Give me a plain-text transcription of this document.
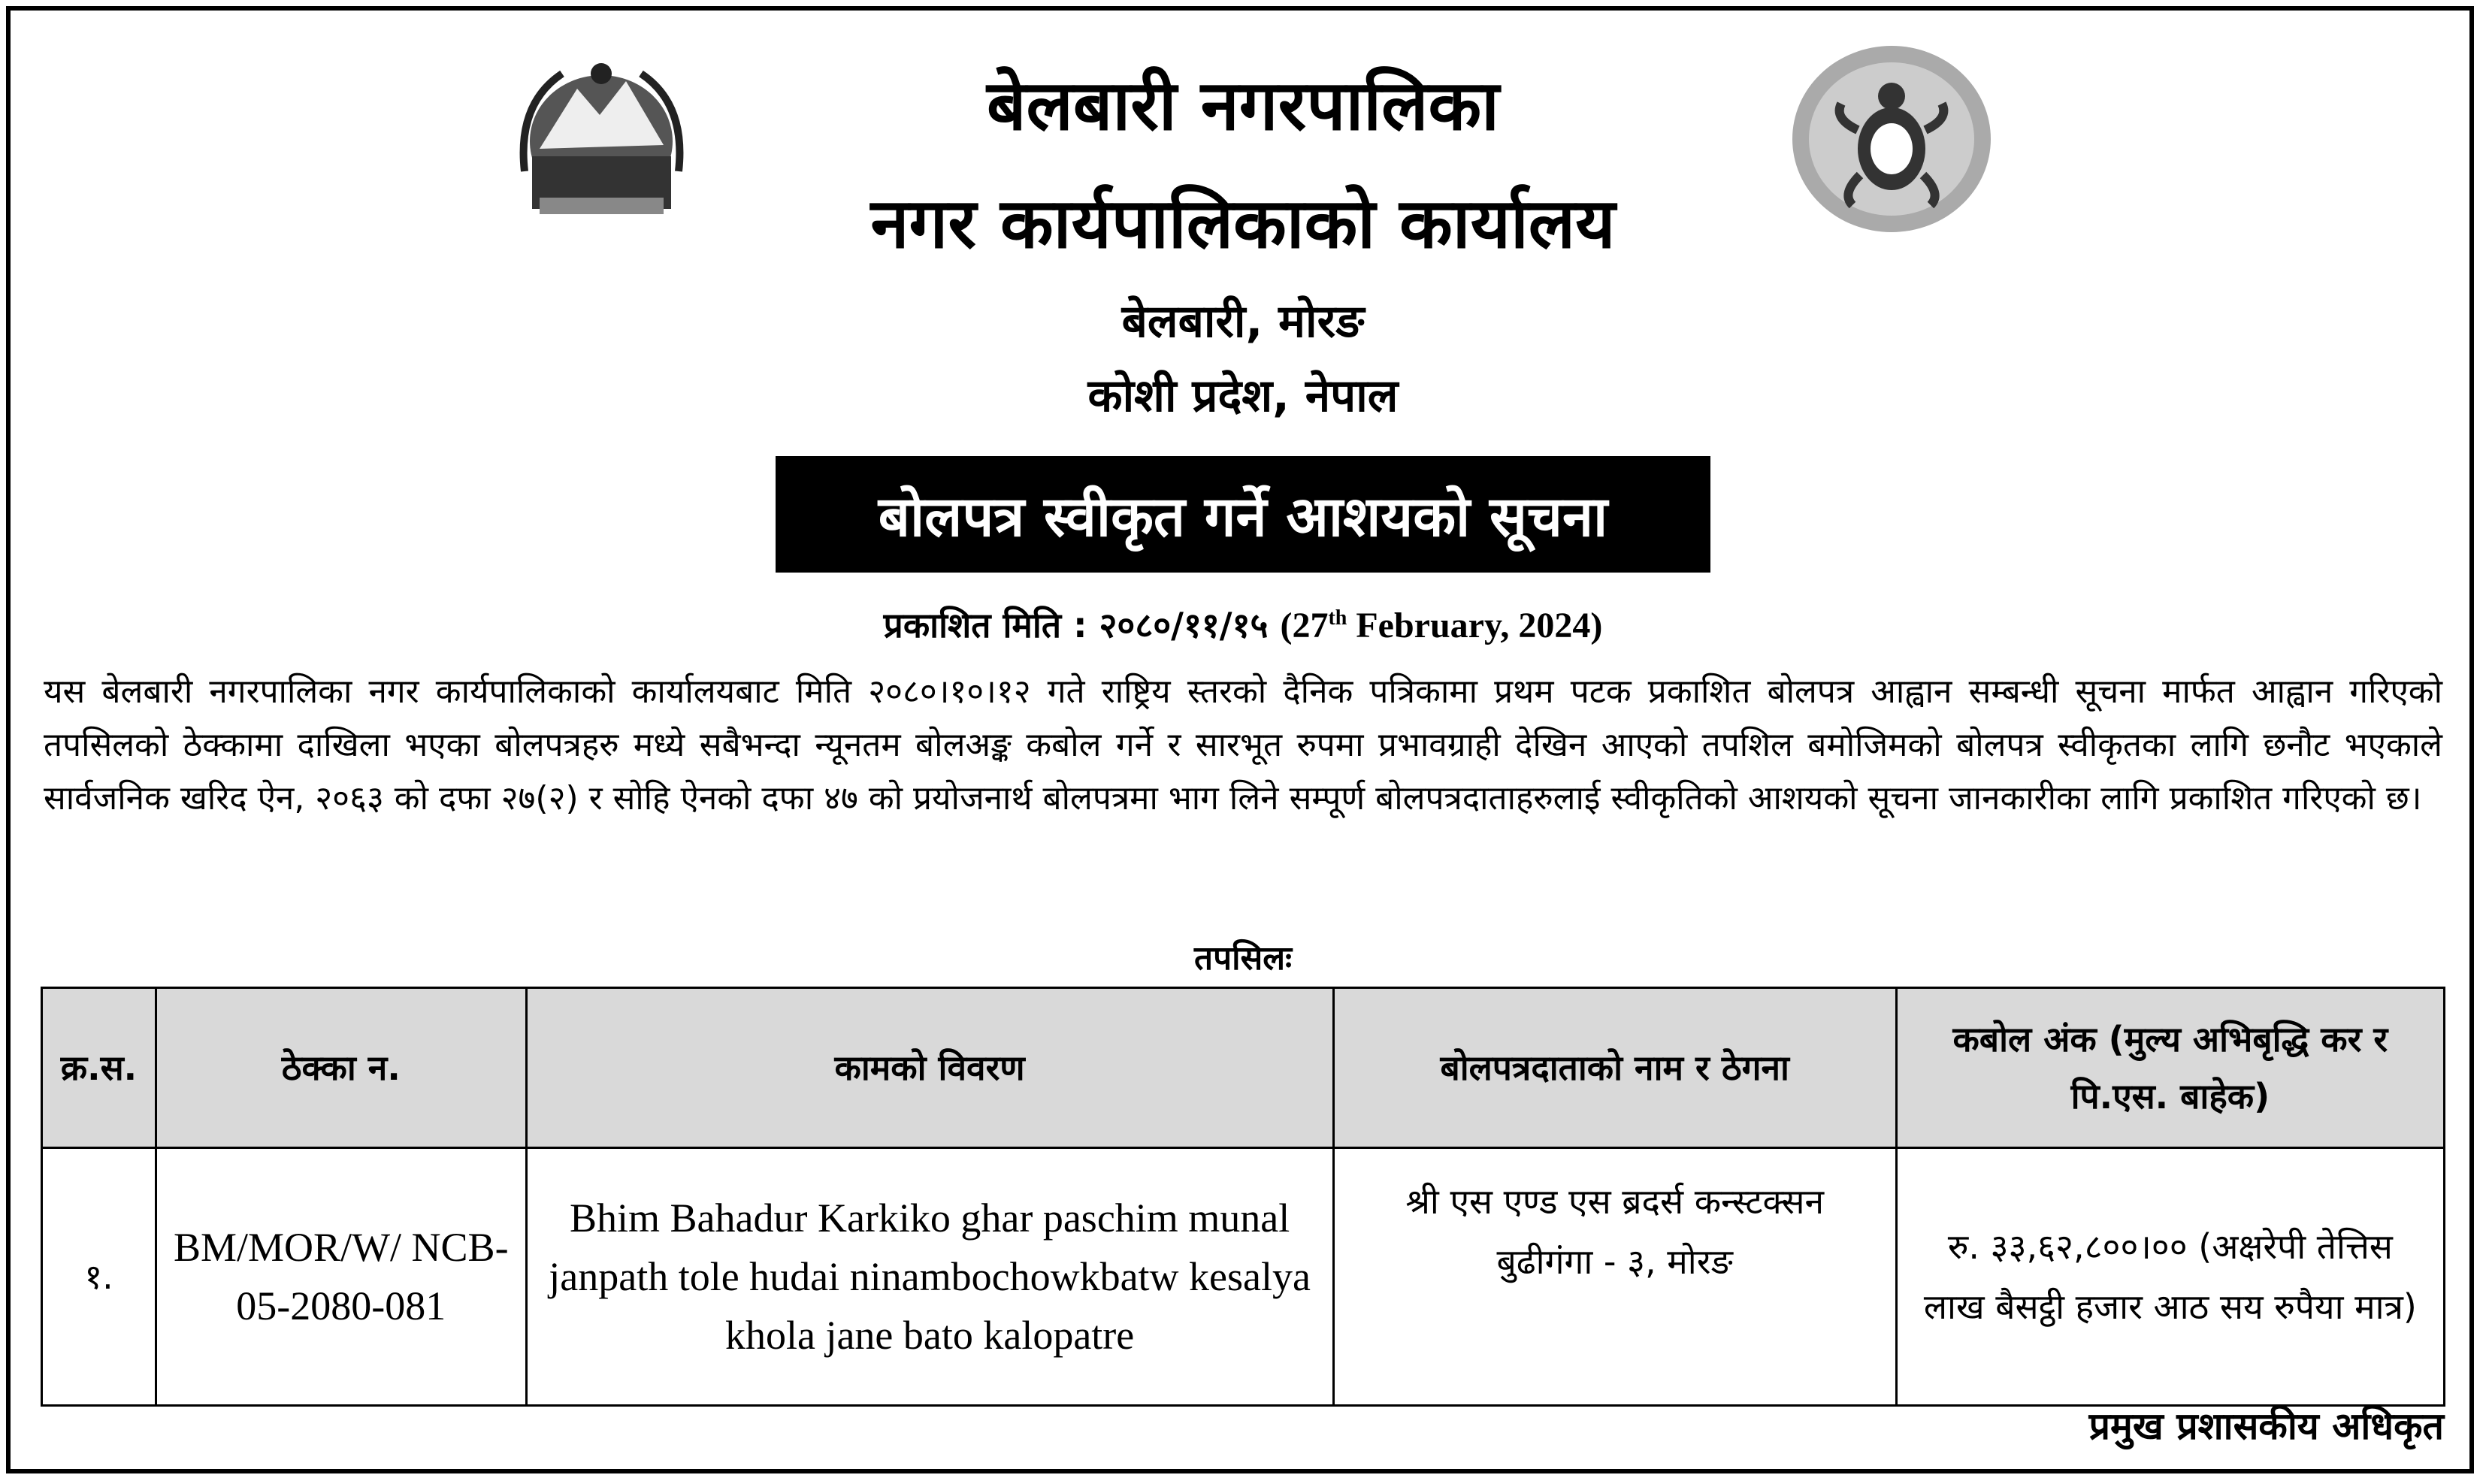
बेलबारी नगरपालिका
नगर कार्यपालिकाको कार्यालय
बेलबारी, मोरङ
कोशी प्रदेश, नेपाल
बोलपत्र स्वीकृत गर्ने आशयको सूचना
प्रकाशित मिति : २०८०/११/१५ (27th February, 2024)
यस बेलबारी नगरपालिका नगर कार्यपालिकाको कार्यालयबाट मिति २०८०।१०।१२ गते राष्ट्रिय स्तरको दैनिक पत्रिकामा प्रथम पटक प्रकाशित बोलपत्र आह्वान सम्बन्धी सूचना मार्फत आह्वान गरिएको तपसिलको ठेक्कामा दाखिला भएका बोलपत्रहरु मध्ये सबैभन्दा न्यूनतम बोलअङ्क कबोल गर्ने र सारभूत रुपमा प्रभावग्राही देखिन आएको तपशिल बमोजिमको बोलपत्र स्वीकृतका लागि छनौट भएकाले सार्वजनिक खरिद ऐन, २०६३ को दफा २७(२) र सोहि ऐनको दफा ४७ को प्रयोजनार्थ बोलपत्रमा भाग लिने सम्पूर्ण बोलपत्रदाताहरुलाई स्वीकृतिको आशयको सूचना जानकारीका लागि प्रकाशित गरिएको छ।
तपसिलः
क्र.स.	ठेक्का न.	कामको विवरण	बोलपत्रदाताको नाम र ठेगना	कबोल अंक (मुल्य अभिबृद्धि कर र पि.एस. बाहेक)
१.	BM/MOR/W/ NCB-05-2080-081	Bhim Bahadur Karkiko ghar paschim munal janpath tole hudai ninambochowkbatw kesalya khola jane bato kalopatre	श्री एस एण्ड एस ब्रदर्स कन्स्टक्सन बुढीगंगा - ३, मोरङ	रु. ३३,६२,८००।०० (अक्षरेपी तेत्तिस लाख बैसट्ठी हजार आठ सय रुपैया मात्र)
प्रमुख प्रशासकीय अधिकृत
